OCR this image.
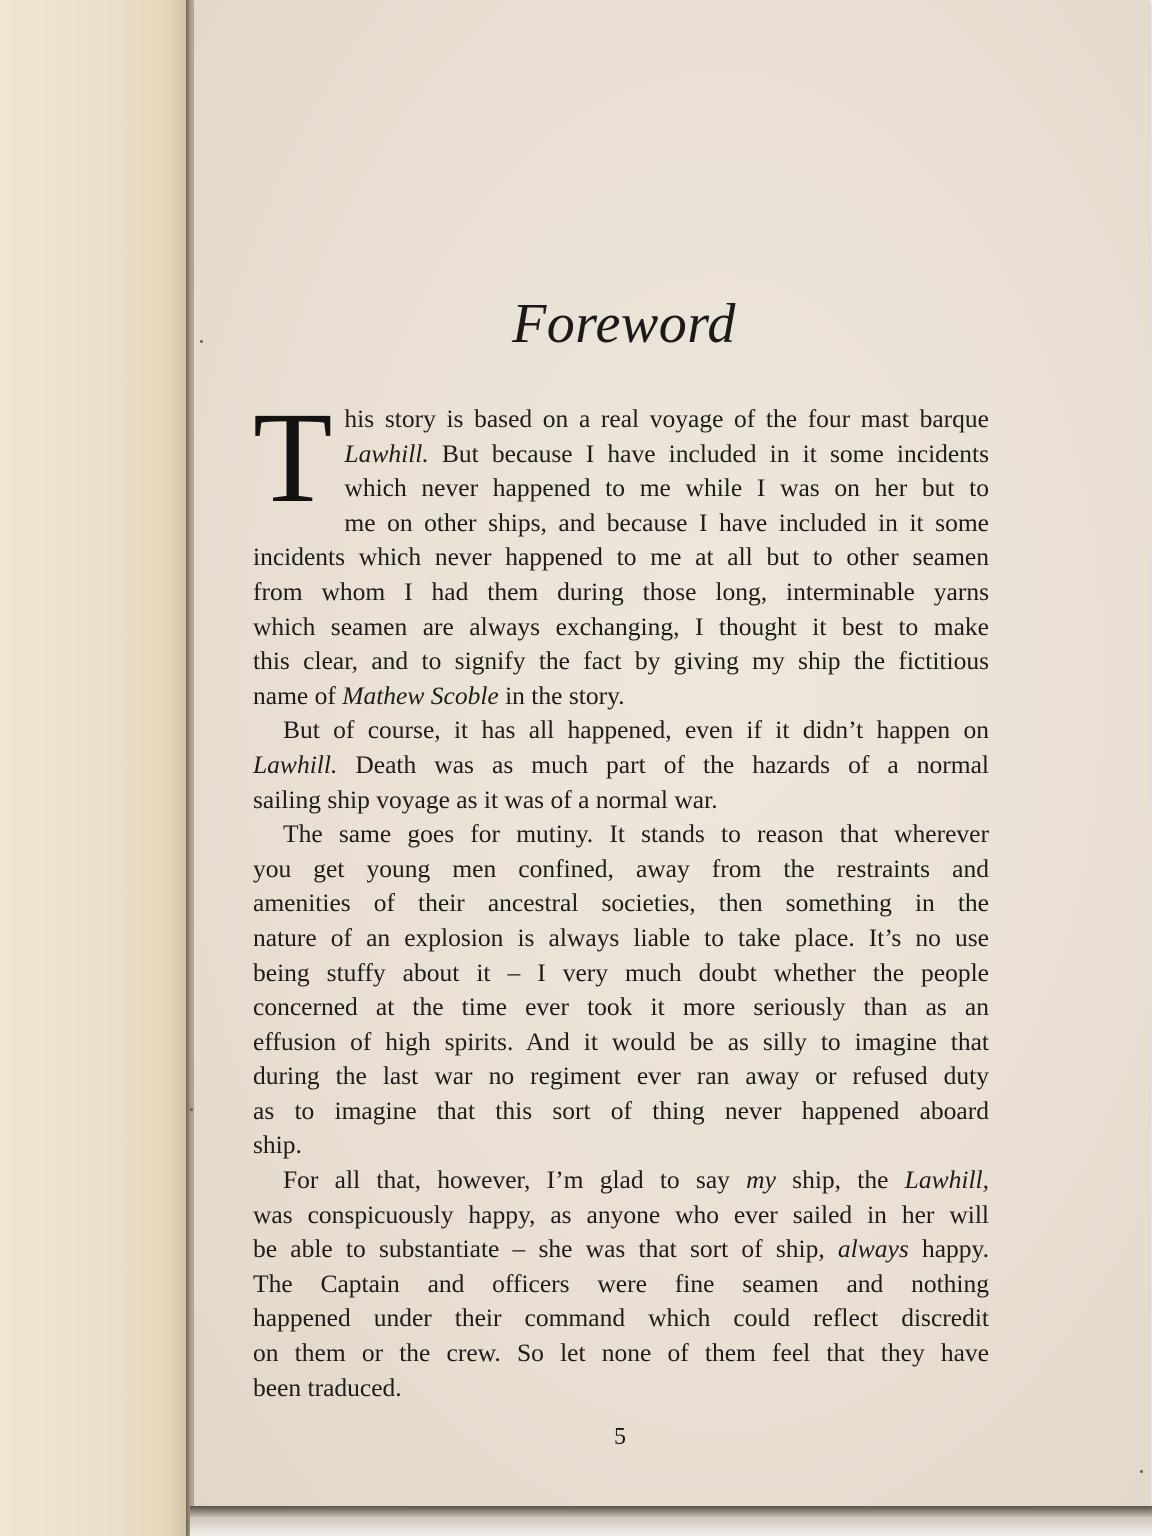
Foreword
T his story is based on a real voyage of the four mast barque
Lawhill. But because I have included in it some incidents
which never happened to me while I was on her but to
me on other ships, and because I have included in it some
incidents which never happened to me at all but to other seamen
from whom I had them during those long, interminable yarns
which seamen are always exchanging, I thought it best to make
this clear, and to signify the fact by giving my ship the fictitious
name of Mathew Scoble in the story.
But of course, it has all happened, even if it didn’t happen on
Lawhill. Death was as much part of the hazards of a normal
sailing ship voyage as it was of a normal war.
The same goes for mutiny. It stands to reason that wherever
you get young men confined, away from the restraints and
amenities of their ancestral societies, then something in the
nature of an explosion is always liable to take place. It’s no use
being stuffy about it – I very much doubt whether the people
concerned at the time ever took it more seriously than as an
effusion of high spirits. And it would be as silly to imagine that
during the last war no regiment ever ran away or refused duty
as to imagine that this sort of thing never happened aboard
ship.
For all that, however, I’m glad to say my ship, the Lawhill,
was conspicuously happy, as anyone who ever sailed in her will
be able to substantiate – she was that sort of ship, always happy.
The Captain and officers were fine seamen and nothing
happened under their command which could reflect discredit
on them or the crew. So let none of them feel that they have
been traduced.
5
